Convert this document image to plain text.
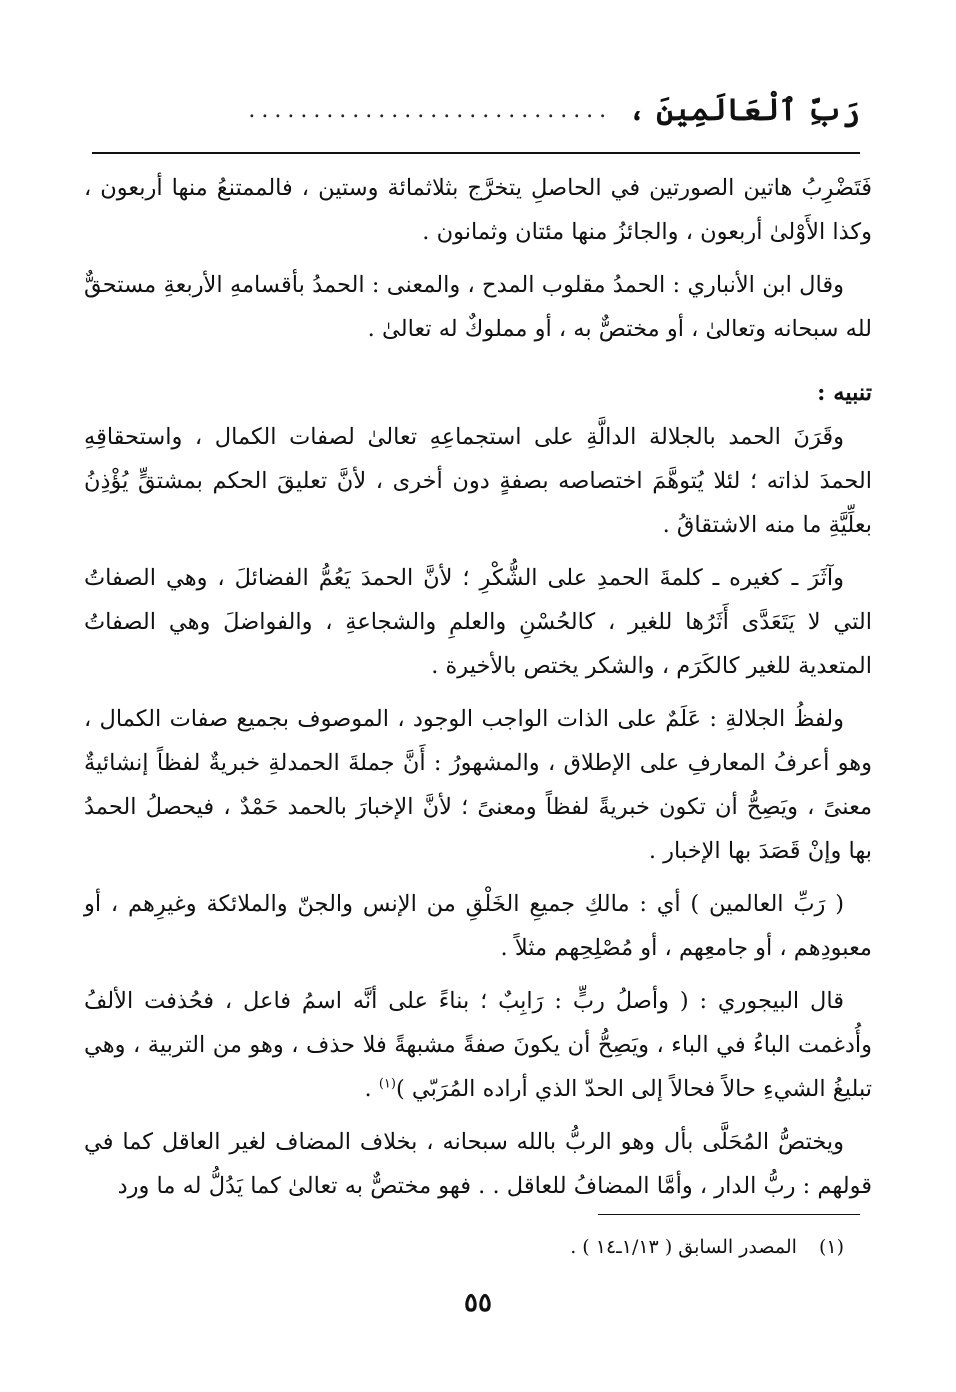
رَبِّ ٱلْعَالَمِينَ ،
............................

فَتَضْرِبُ هاتين الصورتين في الحاصلِ يتخرَّج بثلاثمائة وستين ، فالممتنعُ منها أربعون ، وكذا الأَوْلىٰ أربعون ، والجائزُ منها مئتان وثمانون .

وقال ابن الأنباري : الحمدُ مقلوب المدح ، والمعنى : الحمدُ بأقسامهِ الأربعةِ مستحقٌّ لله سبحانه وتعالىٰ ، أو مختصٌّ به ، أو مملوكٌ له تعالىٰ .

تنبيه :

وقَرَنَ الحمد بالجلالة الدالَّةِ على استجماعِهِ تعالىٰ لصفات الكمال ، واستحقاقِهِ الحمدَ لذاته ؛ لئلا يُتوهَّمَ اختصاصه بصفةٍ دون أخرى ، لأنَّ تعليقَ الحكم بمشتقٍّ يُؤْذِنُ بعلِّيَّةِ ما منه الاشتقاقُ .

وآثَرَ ـ كغيره ـ كلمةَ الحمدِ على الشُّكْرِ ؛ لأنَّ الحمدَ يَعُمُّ الفضائلَ ، وهي الصفاتُ التي لا يَتَعَدَّى أَثَرُها للغير ، كالحُسْنِ والعلمِ والشجاعةِ ، والفواضلَ وهي الصفاتُ المتعدية للغير كالكَرَم ، والشكر يختص بالأخيرة .

ولفظُ الجلالةِ : عَلَمٌ على الذات الواجب الوجود ، الموصوف بجميع صفات الكمال ، وهو أعرفُ المعارفِ على الإطلاق ، والمشهورُ : أَنَّ جملةَ الحمدلةِ خبريةٌ لفظاً إنشائيةٌ معنىً ، ويَصِحُّ أن تكون خبريةً لفظاً ومعنىً ؛ لأنَّ الإخبارَ بالحمد حَمْدٌ ، فيحصلُ الحمدُ بها وإنْ قَصَدَ بها الإخبار .

( رَبِّ العالمين ) أي : مالكِ جميعِ الخَلْقِ من الإنس والجنّ والملائكة وغيرِهم ، أو معبودِهم ، أو جامعِهم ، أو مُصْلِحِهم مثلاً .

قال البيجوري : ( وأصلُ ربٍّ : رَابِبٌ ؛ بناءً على أنَّه اسمُ فاعل ، فحُذفت الألفُ وأُدغمت الباءُ في الباء ، ويَصِحُّ أن يكونَ صفةً مشبهةً فلا حذف ، وهو من التربية ، وهي تبليغُ الشيءِ حالاً فحالاً إلى الحدّ الذي أراده المُرَبّي )$^{(١)}$ .

ويختصُّ المُحَلَّى بأل وهو الربُّ بالله سبحانه ، بخلاف المضاف لغير العاقل كما في قولهم : ربُّ الدار ، وأمَّا المضافُ للعاقل . . فهو مختصٌّ به تعالىٰ كما يَدُلُّ له ما ورد

(١)المصدر السابق ( ١/١٣ـ١٤ ) .
٥٥
